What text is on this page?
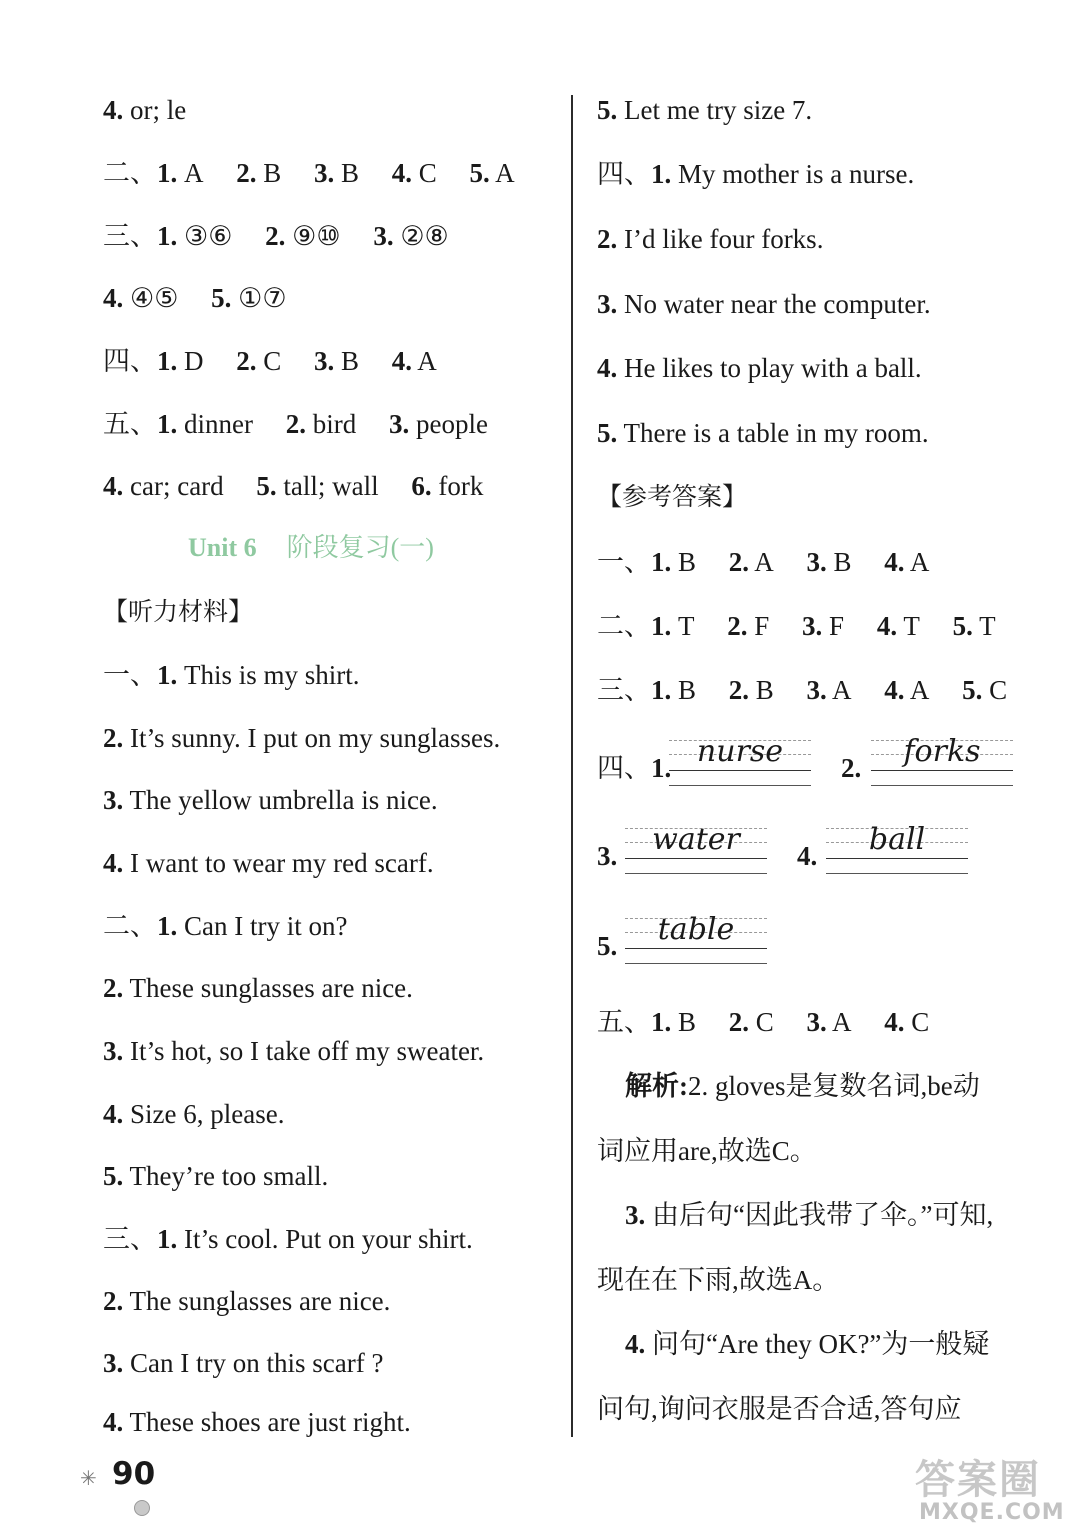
4. or; le
二、1. A 2. B 3. B 4. C 5. A
三、1. ③⑥ 2. ⑨⑩ 3. ②⑧
4. ④⑤ 5. ①⑦
四、1. D 2. C 3. B 4. A
五、1. dinner 2. bird 3. people
4. car; card 5. tall; wall 6. fork
Unit 6 阶段复习(一)
【听力材料】
一、1. This is my shirt.
2. It’s sunny. I put on my sunglasses.
3. The yellow umbrella is nice.
4. I want to wear my red scarf.
二、1. Can I try it on?
2. These sunglasses are nice.
3. It’s hot, so I take off my sweater.
4. Size 6, please.
5. They’re too small.
三、1. It’s cool. Put on your shirt.
2. The sunglasses are nice.
3. Can I try on this scarf ?
4. These shoes are just right.
5. Let me try size 7.
四、1. My mother is a nurse.
2. I’d like four forks.
3. No water near the computer.
4. He likes to play with a ball.
5. There is a table in my room.
【参考答案】
一、1. B 2. A 3. B 4. A
二、1. T 2. F 3. F 4. T 5. T
三、1. B 2. B 3. A 4. A 5. C
四、1. nurse	2.	forks
3.	water	4.	ball
5.	table
五、1. B 2. C 3. A 4. C
解析:2. gloves是复数名词,be动
词应用are,故选C。
3. 由后句“因此我带了伞。”可知,
现在在下雨,故选A。
4. 问句“Are they OK?”为一般疑
问句,询问衣服是否合适,答句应
✳ 90	答案圈
MXQE.COM
